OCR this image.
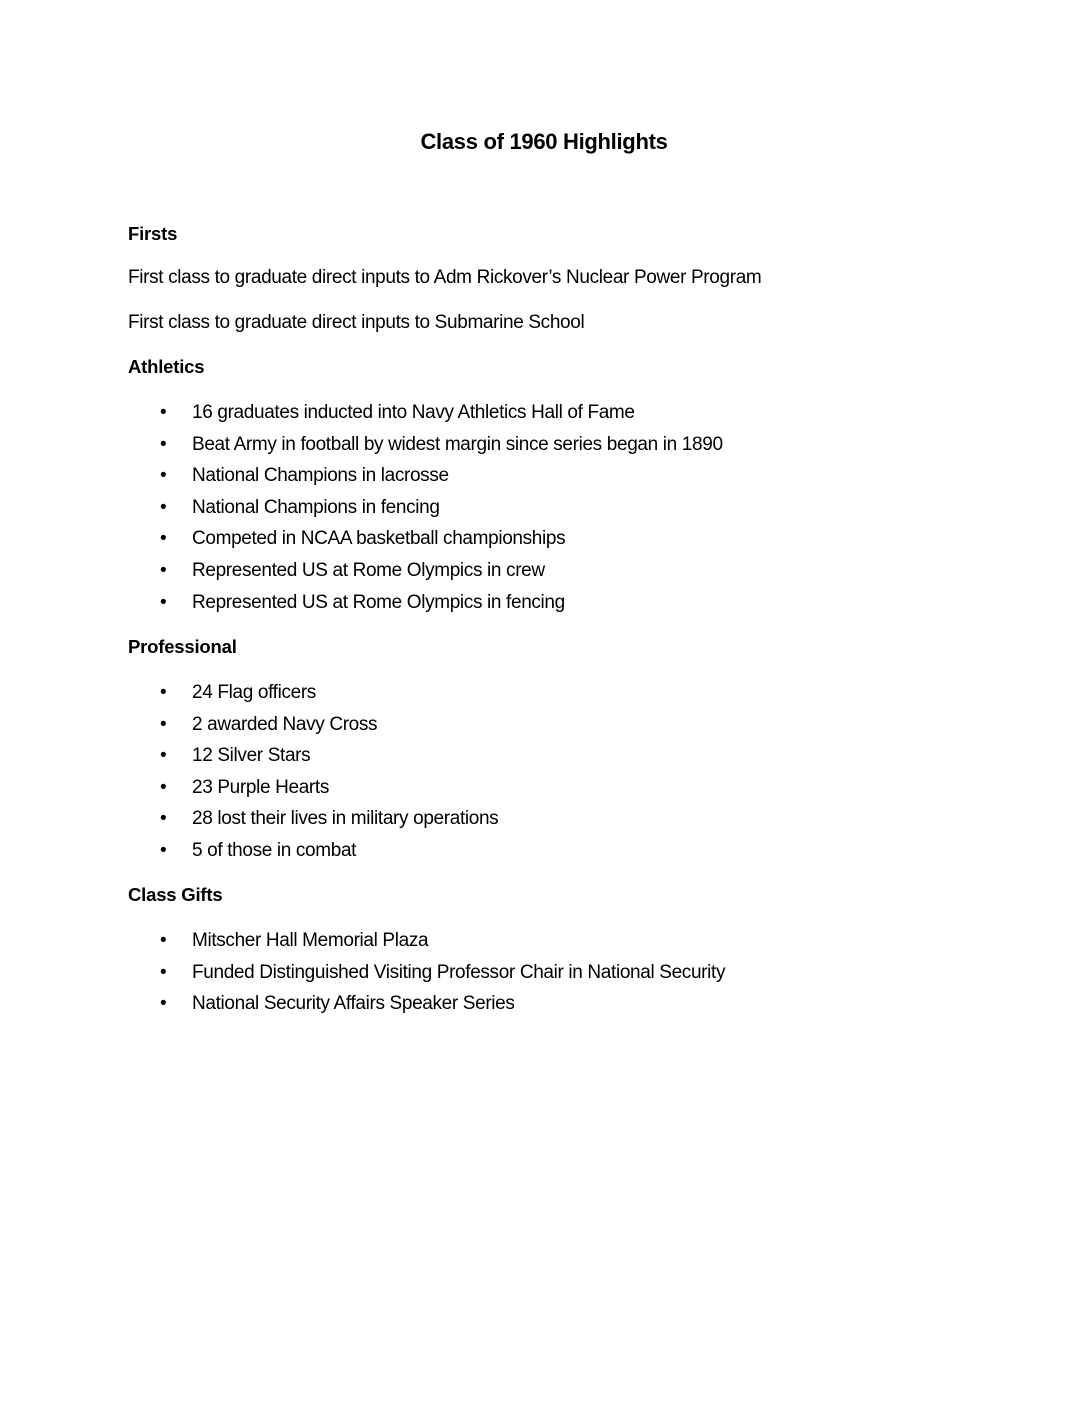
Class of 1960 Highlights
Firsts
First class to graduate direct inputs to Adm Rickover’s Nuclear Power Program
First class to graduate direct inputs to Submarine School
Athletics
• 16 graduates inducted into Navy Athletics Hall of Fame
• Beat Army in football by widest margin since series began in 1890
• National Champions in lacrosse
• National Champions in fencing
• Competed in NCAA basketball championships
• Represented US at Rome Olympics in crew
• Represented US at Rome Olympics in fencing
Professional
• 24 Flag officers
• 2 awarded Navy Cross
• 12 Silver Stars
• 23 Purple Hearts
• 28 lost their lives in military operations
• 5 of those in combat
Class Gifts
• Mitscher Hall Memorial Plaza
• Funded Distinguished Visiting Professor Chair in National Security
• National Security Affairs Speaker Series
